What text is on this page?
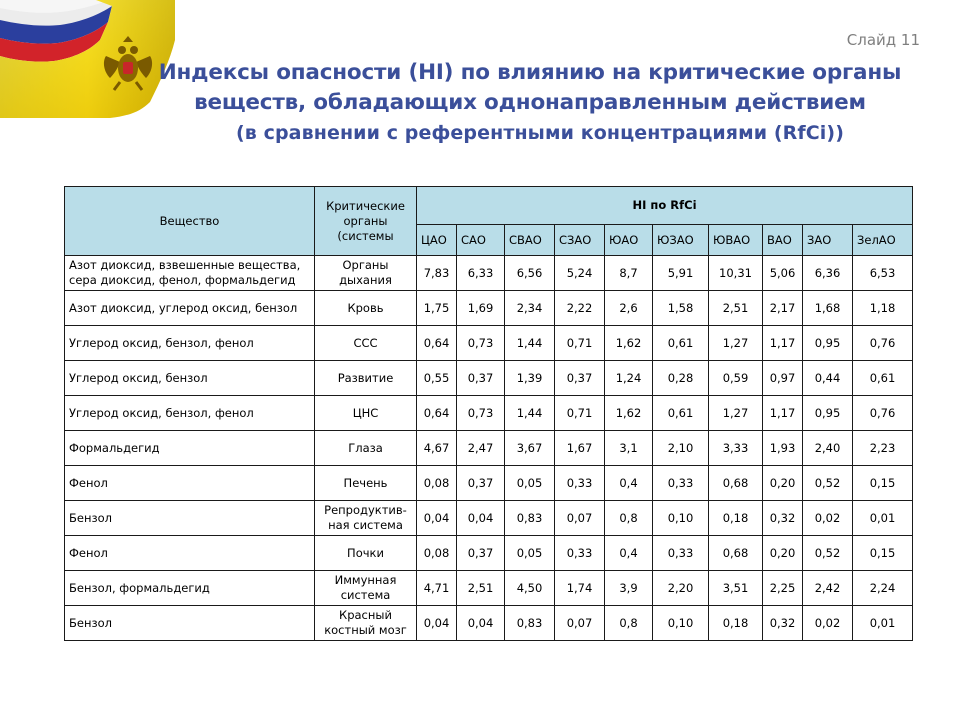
Слайд 11
Индексы опасности (HI) по влиянию на критические органы
веществ, обладающих однонаправленным действием
(в сравнении с референтными концентрациями (RfCi))
Вещество	Критические органы (системы	HI по RfCi									
		ЦАО	САО	СВАО	СЗАО	ЮАО	ЮЗАО	ЮВАО	ВАО	ЗАО	ЗелАО
Азот диоксид, взвешенные вещества, сера диоксид, фенол, формальдегид	Органы дыхания	7,83	6,33	6,56	5,24	8,7	5,91	10,31	5,06	6,36	6,53
Азот диоксид, углерод оксид, бензол	Кровь	1,75	1,69	2,34	2,22	2,6	1,58	2,51	2,17	1,68	1,18
Углерод оксид, бензол, фенол	ССС	0,64	0,73	1,44	0,71	1,62	0,61	1,27	1,17	0,95	0,76
Углерод оксид, бензол	Развитие	0,55	0,37	1,39	0,37	1,24	0,28	0,59	0,97	0,44	0,61
Углерод оксид, бензол, фенол	ЦНС	0,64	0,73	1,44	0,71	1,62	0,61	1,27	1,17	0,95	0,76
Формальдегид	Глаза	4,67	2,47	3,67	1,67	3,1	2,10	3,33	1,93	2,40	2,23
Фенол	Печень	0,08	0,37	0,05	0,33	0,4	0,33	0,68	0,20	0,52	0,15
Бензол	Репродуктив-ная система	0,04	0,04	0,83	0,07	0,8	0,10	0,18	0,32	0,02	0,01
Фенол	Почки	0,08	0,37	0,05	0,33	0,4	0,33	0,68	0,20	0,52	0,15
Бензол, формальдегид	Иммунная система	4,71	2,51	4,50	1,74	3,9	2,20	3,51	2,25	2,42	2,24
Бензол	Красный костный мозг	0,04	0,04	0,83	0,07	0,8	0,10	0,18	0,32	0,02	0,01
